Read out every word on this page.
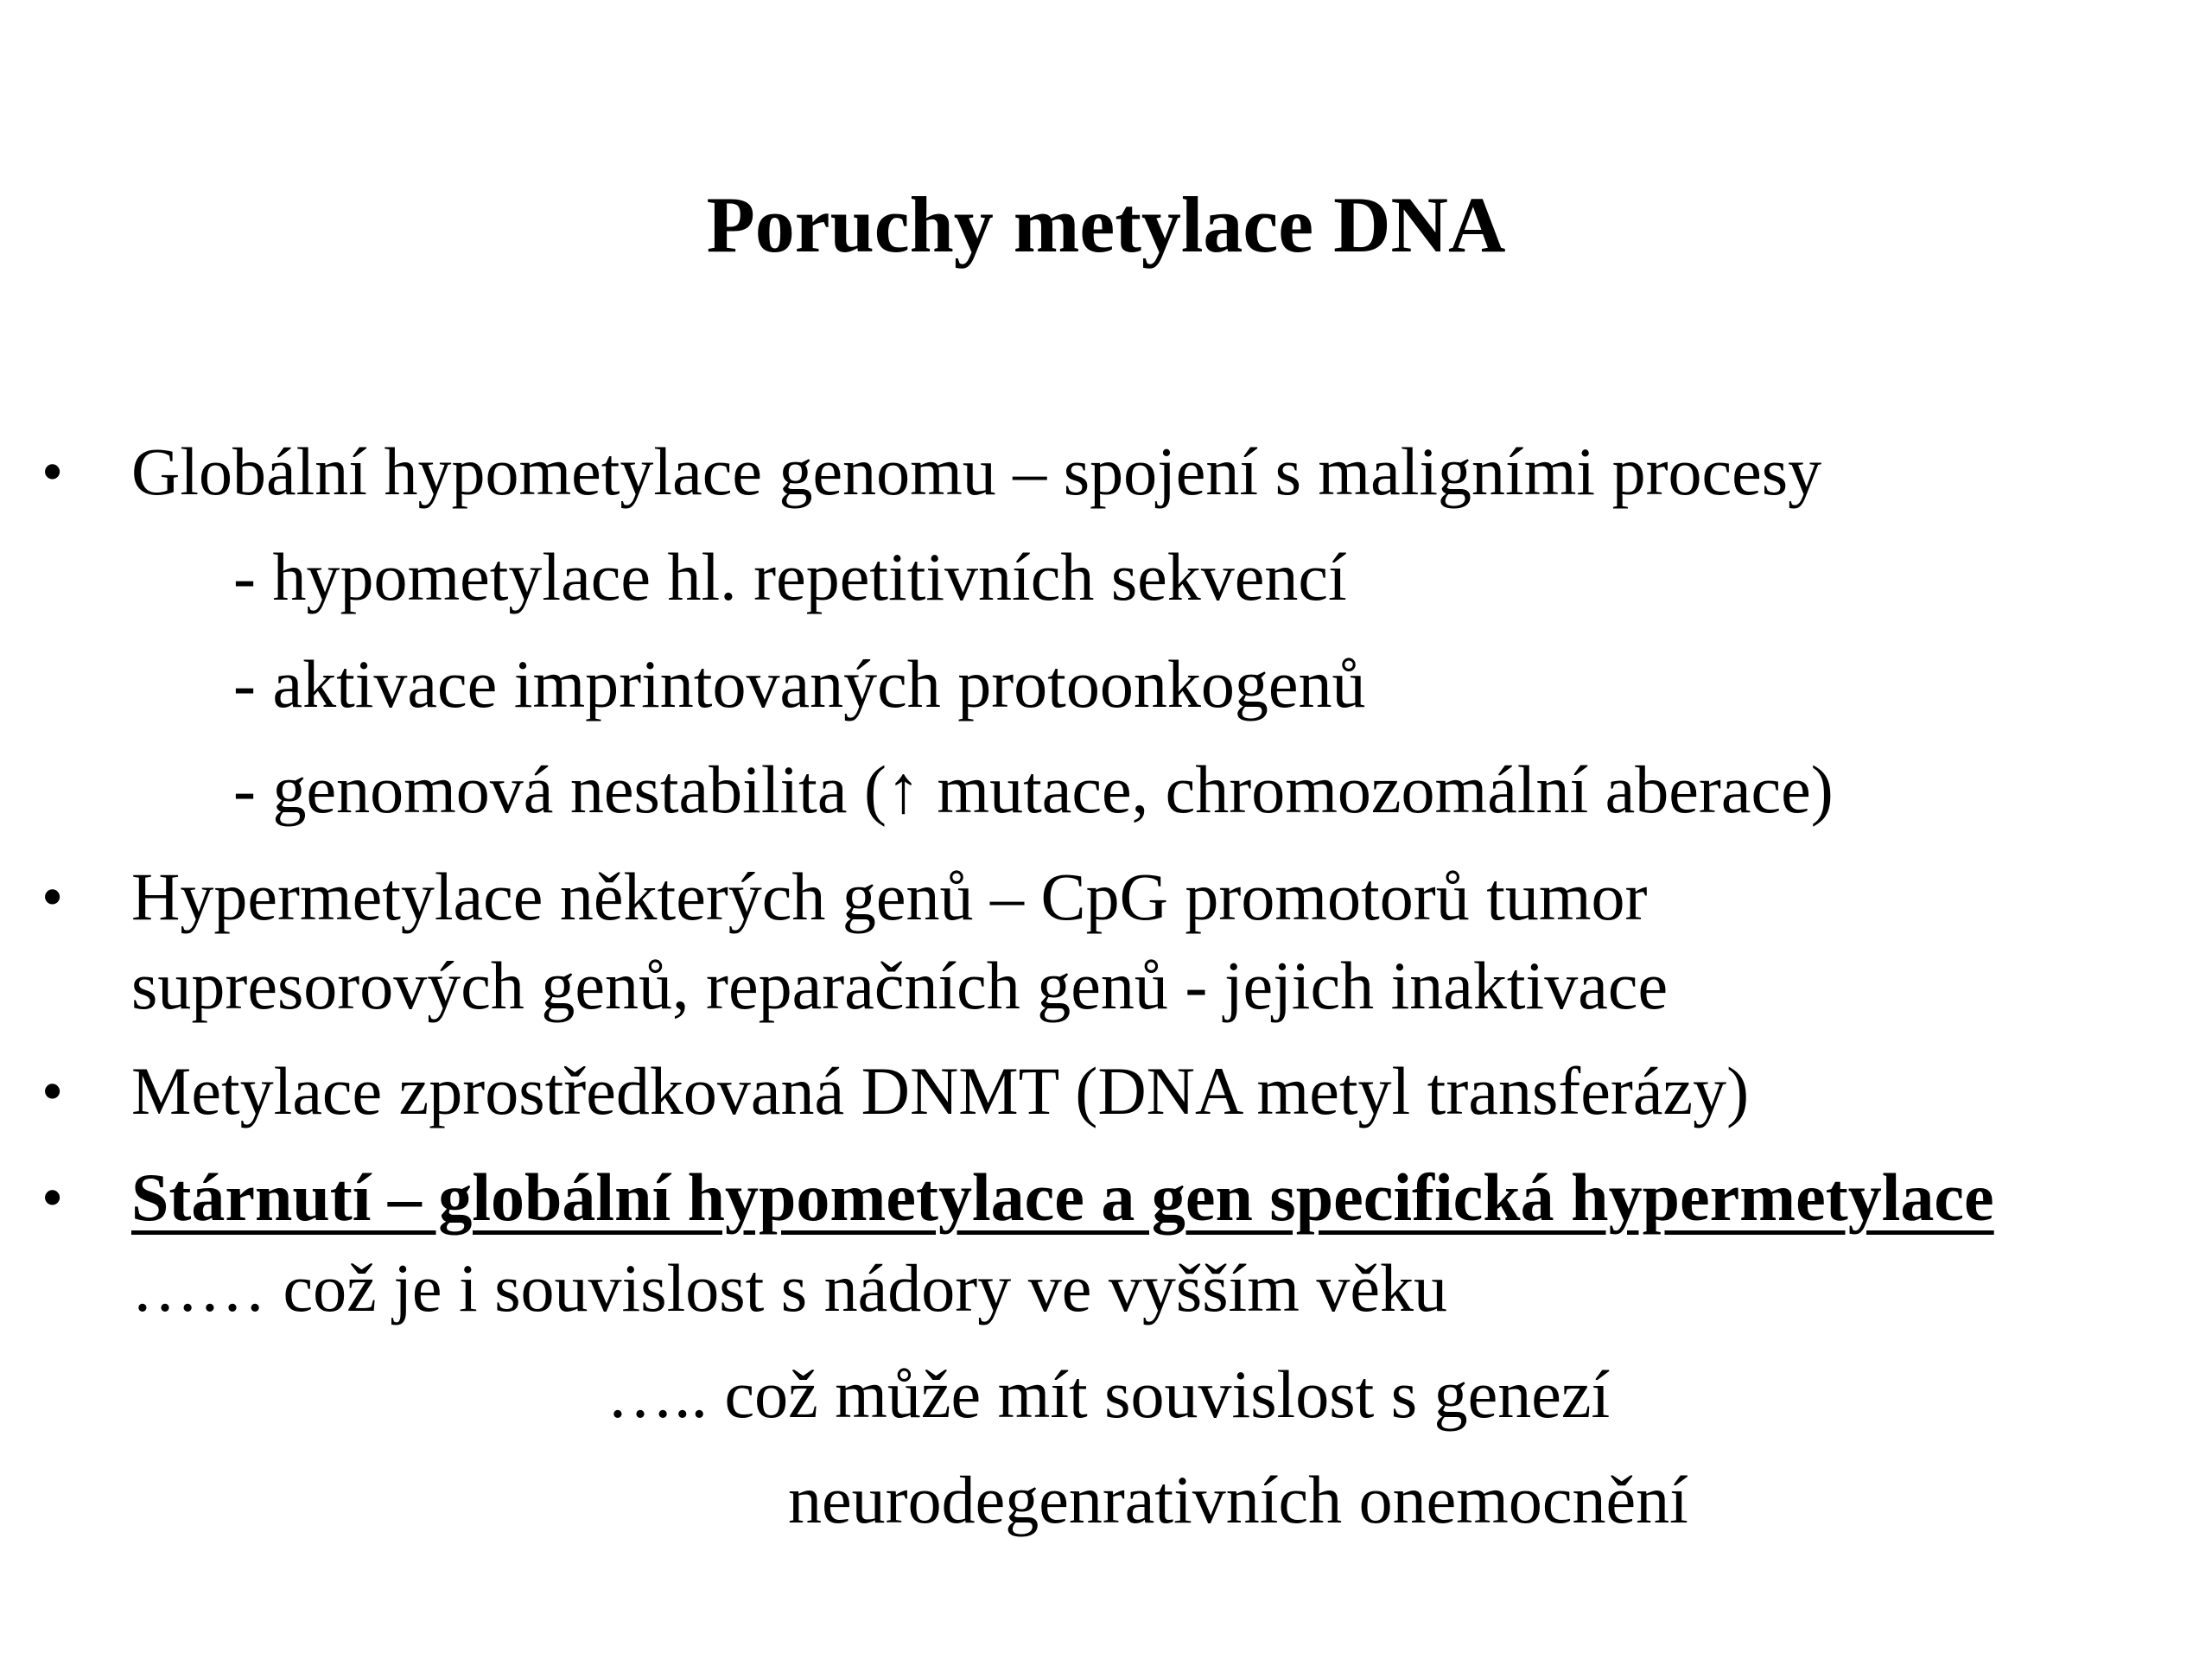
Poruchy metylace DNA
• Globální hypometylace genomu – spojení s maligními procesy
- hypometylace hl. repetitivních sekvencí
- aktivace imprintovaných protoonkogenů
- genomová nestabilita (↑ mutace, chromozomální aberace)
• Hypermetylace některých genů – CpG promotorů tumor
supresorových genů, reparačních genů - jejich inaktivace
• Metylace zprostředkovaná DNMT (DNA metyl transferázy)
• Stárnutí – globální hypometylace a gen specifická hypermetylace
…… což je i souvislost s nádory ve vyšším věku
….. což může mít souvislost s genezí
neurodegenrativních onemocnění
